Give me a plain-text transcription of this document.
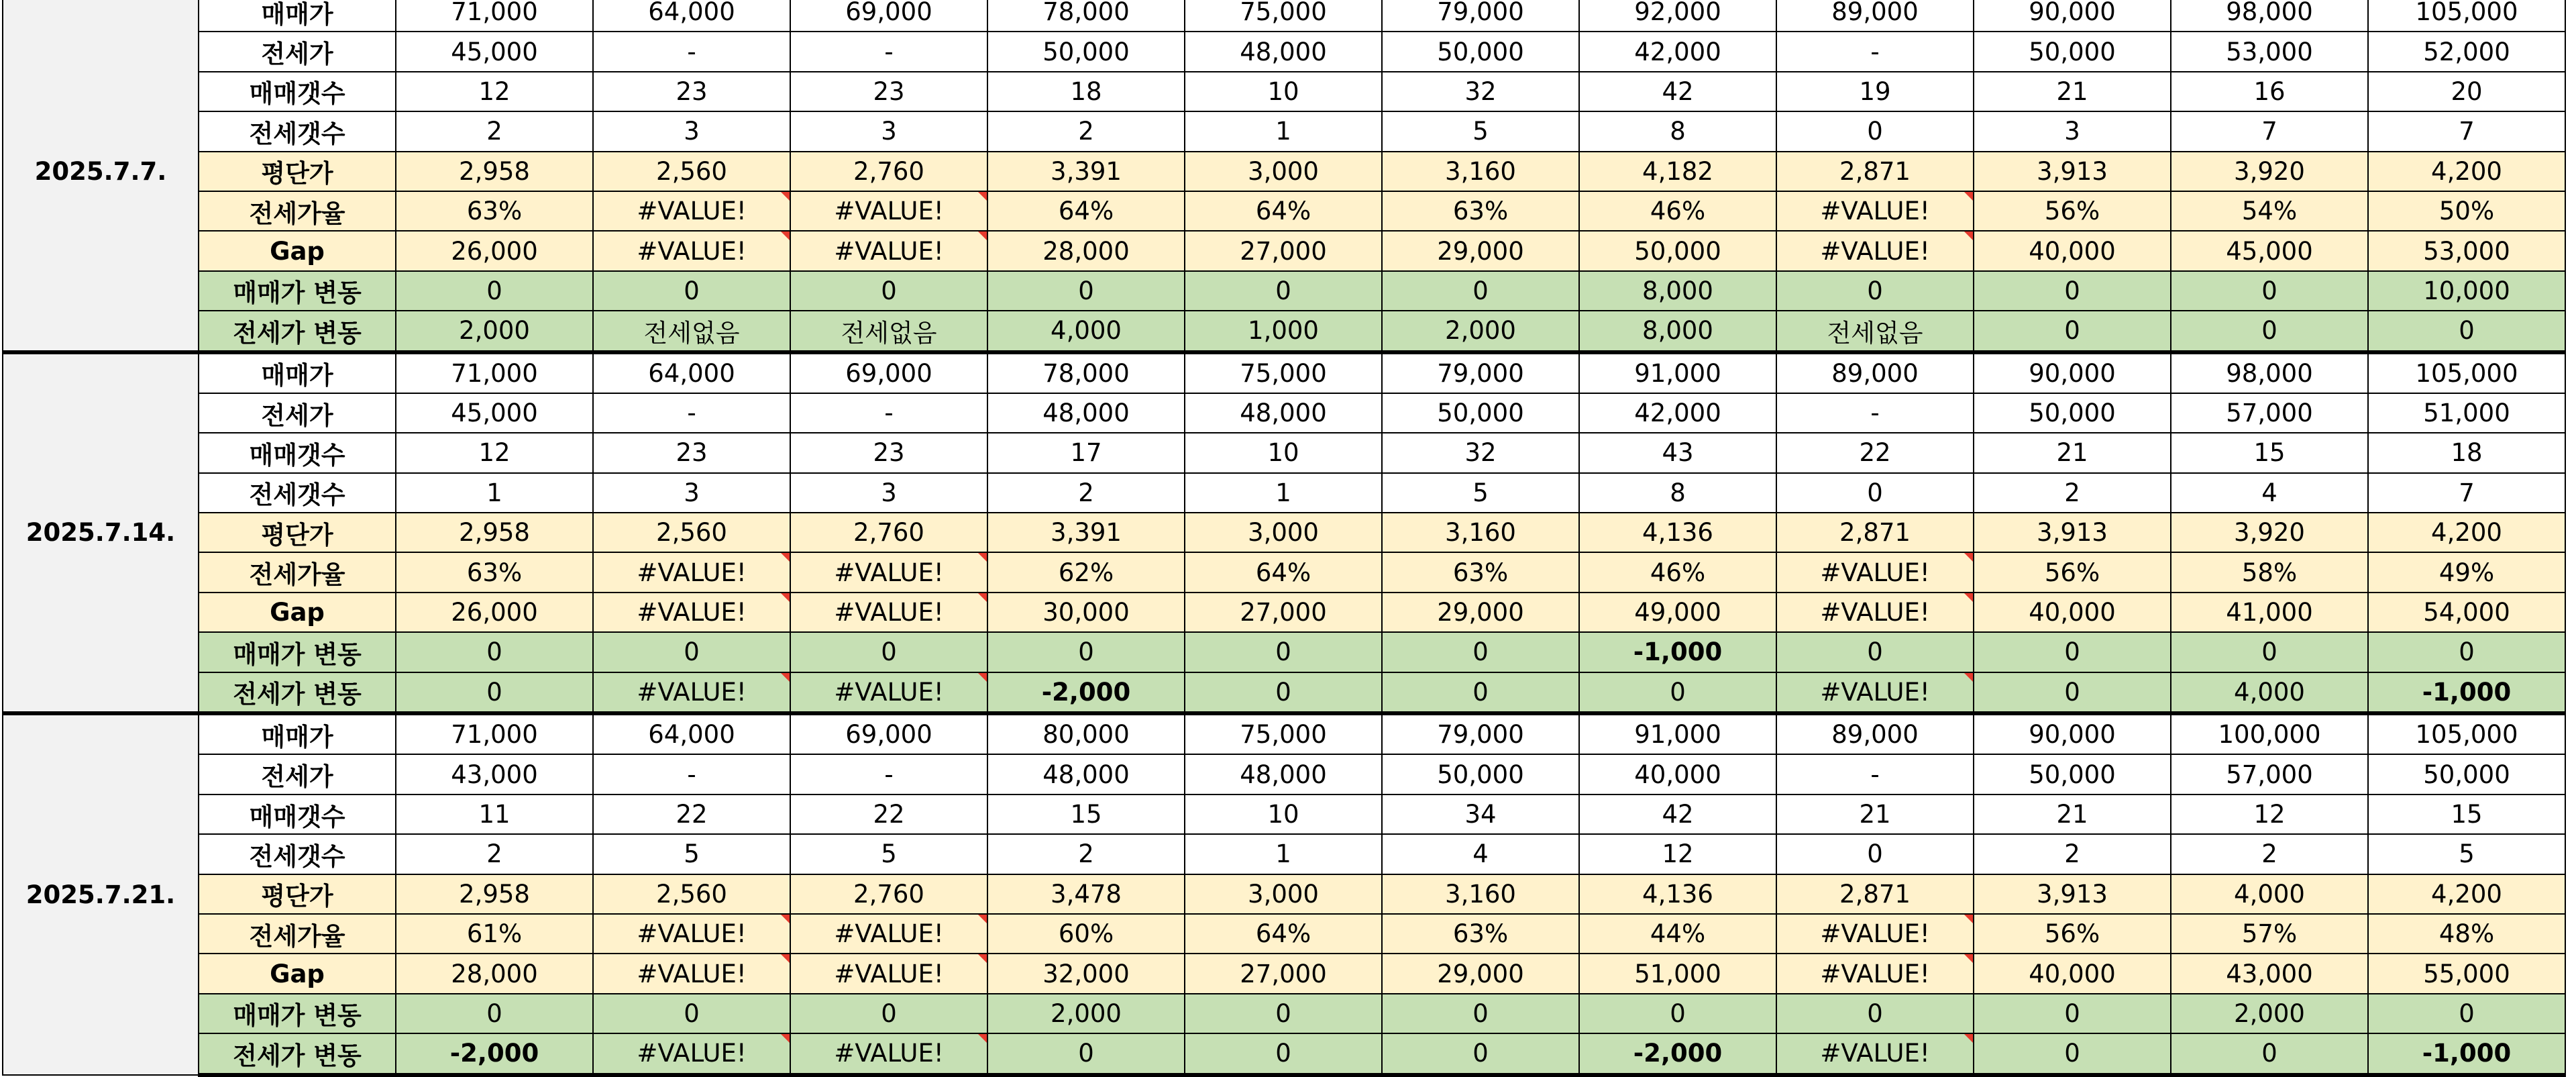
2025.7.7.	매매가	71,000	64,000	69,000	78,000	75,000	79,000	92,000	89,000	90,000	98,000	105,000
	전세가	45,000	-	-	50,000	48,000	50,000	42,000	-	50,000	53,000	52,000
	매매갯수	12	23	23	18	10	32	42	19	21	16	20
	전세갯수	2	3	3	2	1	5	8	0	3	7	7
	평단가	2,958	2,560	2,760	3,391	3,000	3,160	4,182	2,871	3,913	3,920	4,200
	전세가율	63%	#VALUE!	#VALUE!	64%	64%	63%	46%	#VALUE!	56%	54%	50%
	Gap	26,000	#VALUE!	#VALUE!	28,000	27,000	29,000	50,000	#VALUE!	40,000	45,000	53,000
	매매가 변동	0	0	0	0	0	0	8,000	0	0	0	10,000
	전세가 변동	2,000	전세없음	전세없음	4,000	1,000	2,000	8,000	전세없음	0	0	0
2025.7.14.	매매가	71,000	64,000	69,000	78,000	75,000	79,000	91,000	89,000	90,000	98,000	105,000
	전세가	45,000	-	-	48,000	48,000	50,000	42,000	-	50,000	57,000	51,000
	매매갯수	12	23	23	17	10	32	43	22	21	15	18
	전세갯수	1	3	3	2	1	5	8	0	2	4	7
	평단가	2,958	2,560	2,760	3,391	3,000	3,160	4,136	2,871	3,913	3,920	4,200
	전세가율	63%	#VALUE!	#VALUE!	62%	64%	63%	46%	#VALUE!	56%	58%	49%
	Gap	26,000	#VALUE!	#VALUE!	30,000	27,000	29,000	49,000	#VALUE!	40,000	41,000	54,000
	매매가 변동	0	0	0	0	0	0	-1,000	0	0	0	0
	전세가 변동	0	#VALUE!	#VALUE!	-2,000	0	0	0	#VALUE!	0	4,000	-1,000
2025.7.21.	매매가	71,000	64,000	69,000	80,000	75,000	79,000	91,000	89,000	90,000	100,000	105,000
	전세가	43,000	-	-	48,000	48,000	50,000	40,000	-	50,000	57,000	50,000
	매매갯수	11	22	22	15	10	34	42	21	21	12	15
	전세갯수	2	5	5	2	1	4	12	0	2	2	5
	평단가	2,958	2,560	2,760	3,478	3,000	3,160	4,136	2,871	3,913	4,000	4,200
	전세가율	61%	#VALUE!	#VALUE!	60%	64%	63%	44%	#VALUE!	56%	57%	48%
	Gap	28,000	#VALUE!	#VALUE!	32,000	27,000	29,000	51,000	#VALUE!	40,000	43,000	55,000
	매매가 변동	0	0	0	2,000	0	0	0	0	0	2,000	0
	전세가 변동	-2,000	#VALUE!	#VALUE!	0	0	0	-2,000	#VALUE!	0	0	-1,000
